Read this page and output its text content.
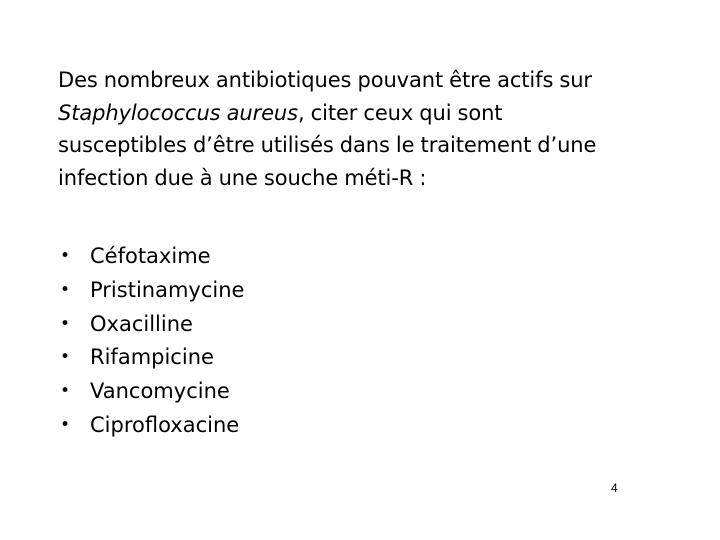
Des nombreux antibiotiques pouvant être actifs sur
Staphylococcus aureus, citer ceux qui sont
susceptibles d’être utilisés dans le traitement d’une
infection due à une souche méti-R :
• Céfotaxime
• Pristinamycine
• Oxacilline
• Rifampicine
• Vancomycine
• Ciprofloxacine
4
